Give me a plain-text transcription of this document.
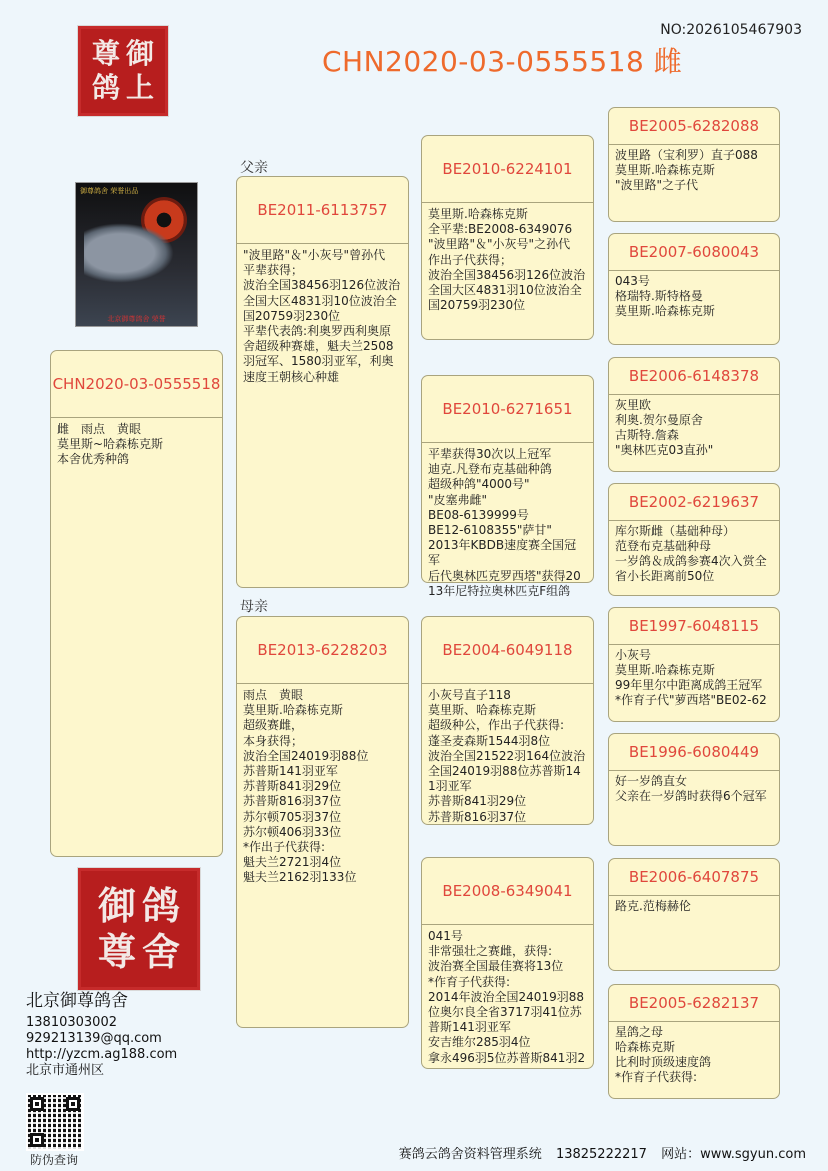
NO:2026105467903
CHN2020-03-0555518 雌
尊 御
鸽 上
御尊鸽舍 荣誉出品
北京御尊鸽舍 荣誉
父亲
母亲
CHN2020-03-0555518
雌　雨点　黄眼
莫里斯~哈森栋克斯
本舍优秀种鸽
BE2011-6113757
"波里路"＆"小灰号"曾孙代
平辈获得；
波治全国38456羽126位波治全国大区4831羽10位波治全国20759羽230位
平辈代表鸽:利奥罗西利奥原舍超级种赛雄，魁夫兰2508羽冠军、1580羽亚军，利奥速度王朝核心种雄
BE2013-6228203
雨点　黄眼
莫里斯.哈森栋克斯
超级赛雌，
本身获得；
波治全国24019羽88位
苏普斯141羽亚军
苏普斯841羽29位
苏普斯816羽37位
苏尔顿705羽37位
苏尔顿406羽33位
*作出子代获得:
魁夫兰2721羽4位
魁夫兰2162羽133位
BE2010-6224101
莫里斯.哈森栋克斯
全平辈:BE2008-6349076
"波里路"＆"小灰号"之孙代
作出子代获得；
波治全国38456羽126位波治全国大区4831羽10位波治全国20759羽230位
BE2010-6271651
平辈获得30次以上冠军
迪克.凡登布克基础种鸽
超级种鸽"4000号"
"皮塞弗雌"
BE08-6139999号
BE12-6108355"萨甘"
2013年KBDB速度赛全国冠军
后代奥林匹克罗西塔"获得2013年尼特拉奥林匹克F组鸽
BE2004-6049118
小灰号直子118
莫里斯、哈森栋克斯
超级种公，作出子代获得:
蓬圣麦森斯1544羽8位
波治全国21522羽164位波治全国24019羽88位苏普斯141羽亚军
苏普斯841羽29位
苏普斯816羽37位
BE2008-6349041
041号
非常强壮之赛雌，获得:
波治赛全国最佳赛将13位
*作育子代获得:
2014年波治全国24019羽88位奥尔良全省3717羽41位苏普斯141羽亚军
安吉维尔285羽4位
拿永496羽5位苏普斯841羽2
BE2005-6282088
波里路（宝利罗）直子088
莫里斯.哈森栋克斯
"波里路"之子代
BE2007-6080043
043号
格瑞特.斯特格曼
莫里斯.哈森栋克斯
BE2006-6148378
灰里欧
利奥.贺尔曼原舍
古斯特.詹森
"奥林匹克03直孙"
BE2002-6219637
库尔斯雌（基础种母）
范登布克基础种母
一岁鸽＆成鸽参赛4次入赏全省小长距离前50位
BE1997-6048115
小灰号
莫里斯.哈森栋克斯
99年里尔中距离成鸽王冠军
*作育子代"萝西塔"BE02-62
BE1996-6080449
好一岁鸽直女
父亲在一岁鸽时获得6个冠军
BE2006-6407875
路克.范梅赫伦
BE2005-6282137
星鸽之母
哈森栋克斯
比利时顶级速度鸽
*作育子代获得:
御 鸽
尊 舍
北京御尊鸽舍
13810303002
929213139@qq.com
http://yzcm.ag188.com
北京市通州区
防伪查询	赛鸽云鸽舍资料管理系统 13825222217 网站：www.sgyun.com
